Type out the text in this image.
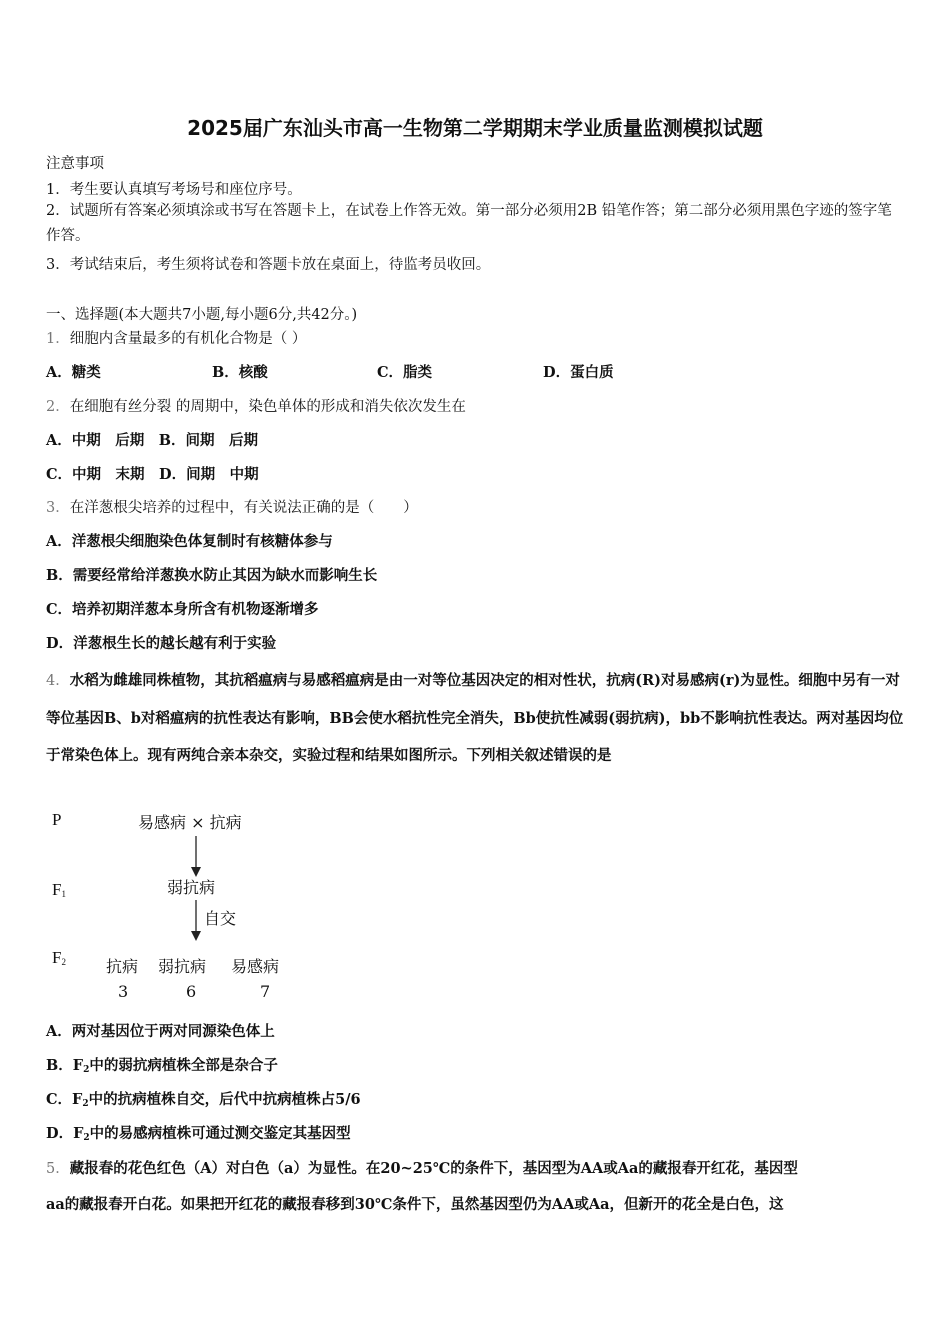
2025届广东汕头市高一生物第二学期期末学业质量监测模拟试题
注意事项
1．考生要认真填写考场号和座位序号。
2．试题所有答案必须填涂或书写在答题卡上，在试卷上作答无效。第一部分必须用2B 铅笔作答；第二部分必须用黑色字迹的签字笔作答。
3．考试结束后，考生须将试卷和答题卡放在桌面上，待监考员收回。
一、选择题(本大题共7小题,每小题6分,共42分。)
1．细胞内含量最多的有机化合物是（ ）
A．糖类	B．核酸	C．脂类	D．蛋白质
2．在细胞有丝分裂 的周期中，染色单体的形成和消失依次发生在
A．中期　后期　B．间期　后期
C．中期　末期　D．间期　中期
3．在洋葱根尖培养的过程中，有关说法正确的是（　　）
A．洋葱根尖细胞染色体复制时有核糖体参与
B．需要经常给洋葱换水防止其因为缺水而影响生长
C．培养初期洋葱本身所含有机物逐渐增多
D．洋葱根生长的越长越有利于实验
4．水稻为雌雄同株植物，其抗稻瘟病与易感稻瘟病是由一对等位基因决定的相对性状，抗病(R)对易感病(r)为显性。细胞中另有一对等位基因B、b对稻瘟病的抗性表达有影响，BB会使水稻抗性完全消失，Bb使抗性减弱(弱抗病)，bb不影响抗性表达。两对基因均位于常染色体上。现有两纯合亲本杂交，实验过程和结果如图所示。下列相关叙述错误的是
P	易感病 × 抗病
$F_1$	弱抗病
自交
$F_2$	抗病 弱抗病 易感病
3	6	7
A．两对基因位于两对同源染色体上
B．$F_2$中的弱抗病植株全部是杂合子
C．$F_2$中的抗病植株自交，后代中抗病植株占5/6
D．$F_2$中的易感病植株可通过测交鉴定其基因型
5．藏报春的花色红色（A）对白色（a）为显性。在20~25℃的条件下，基因型为AA或Aa的藏报春开红花，基因型
aa的藏报春开白花。如果把开红花的藏报春移到30℃条件下，虽然基因型仍为AA或Aa，但新开的花全是白色，这
